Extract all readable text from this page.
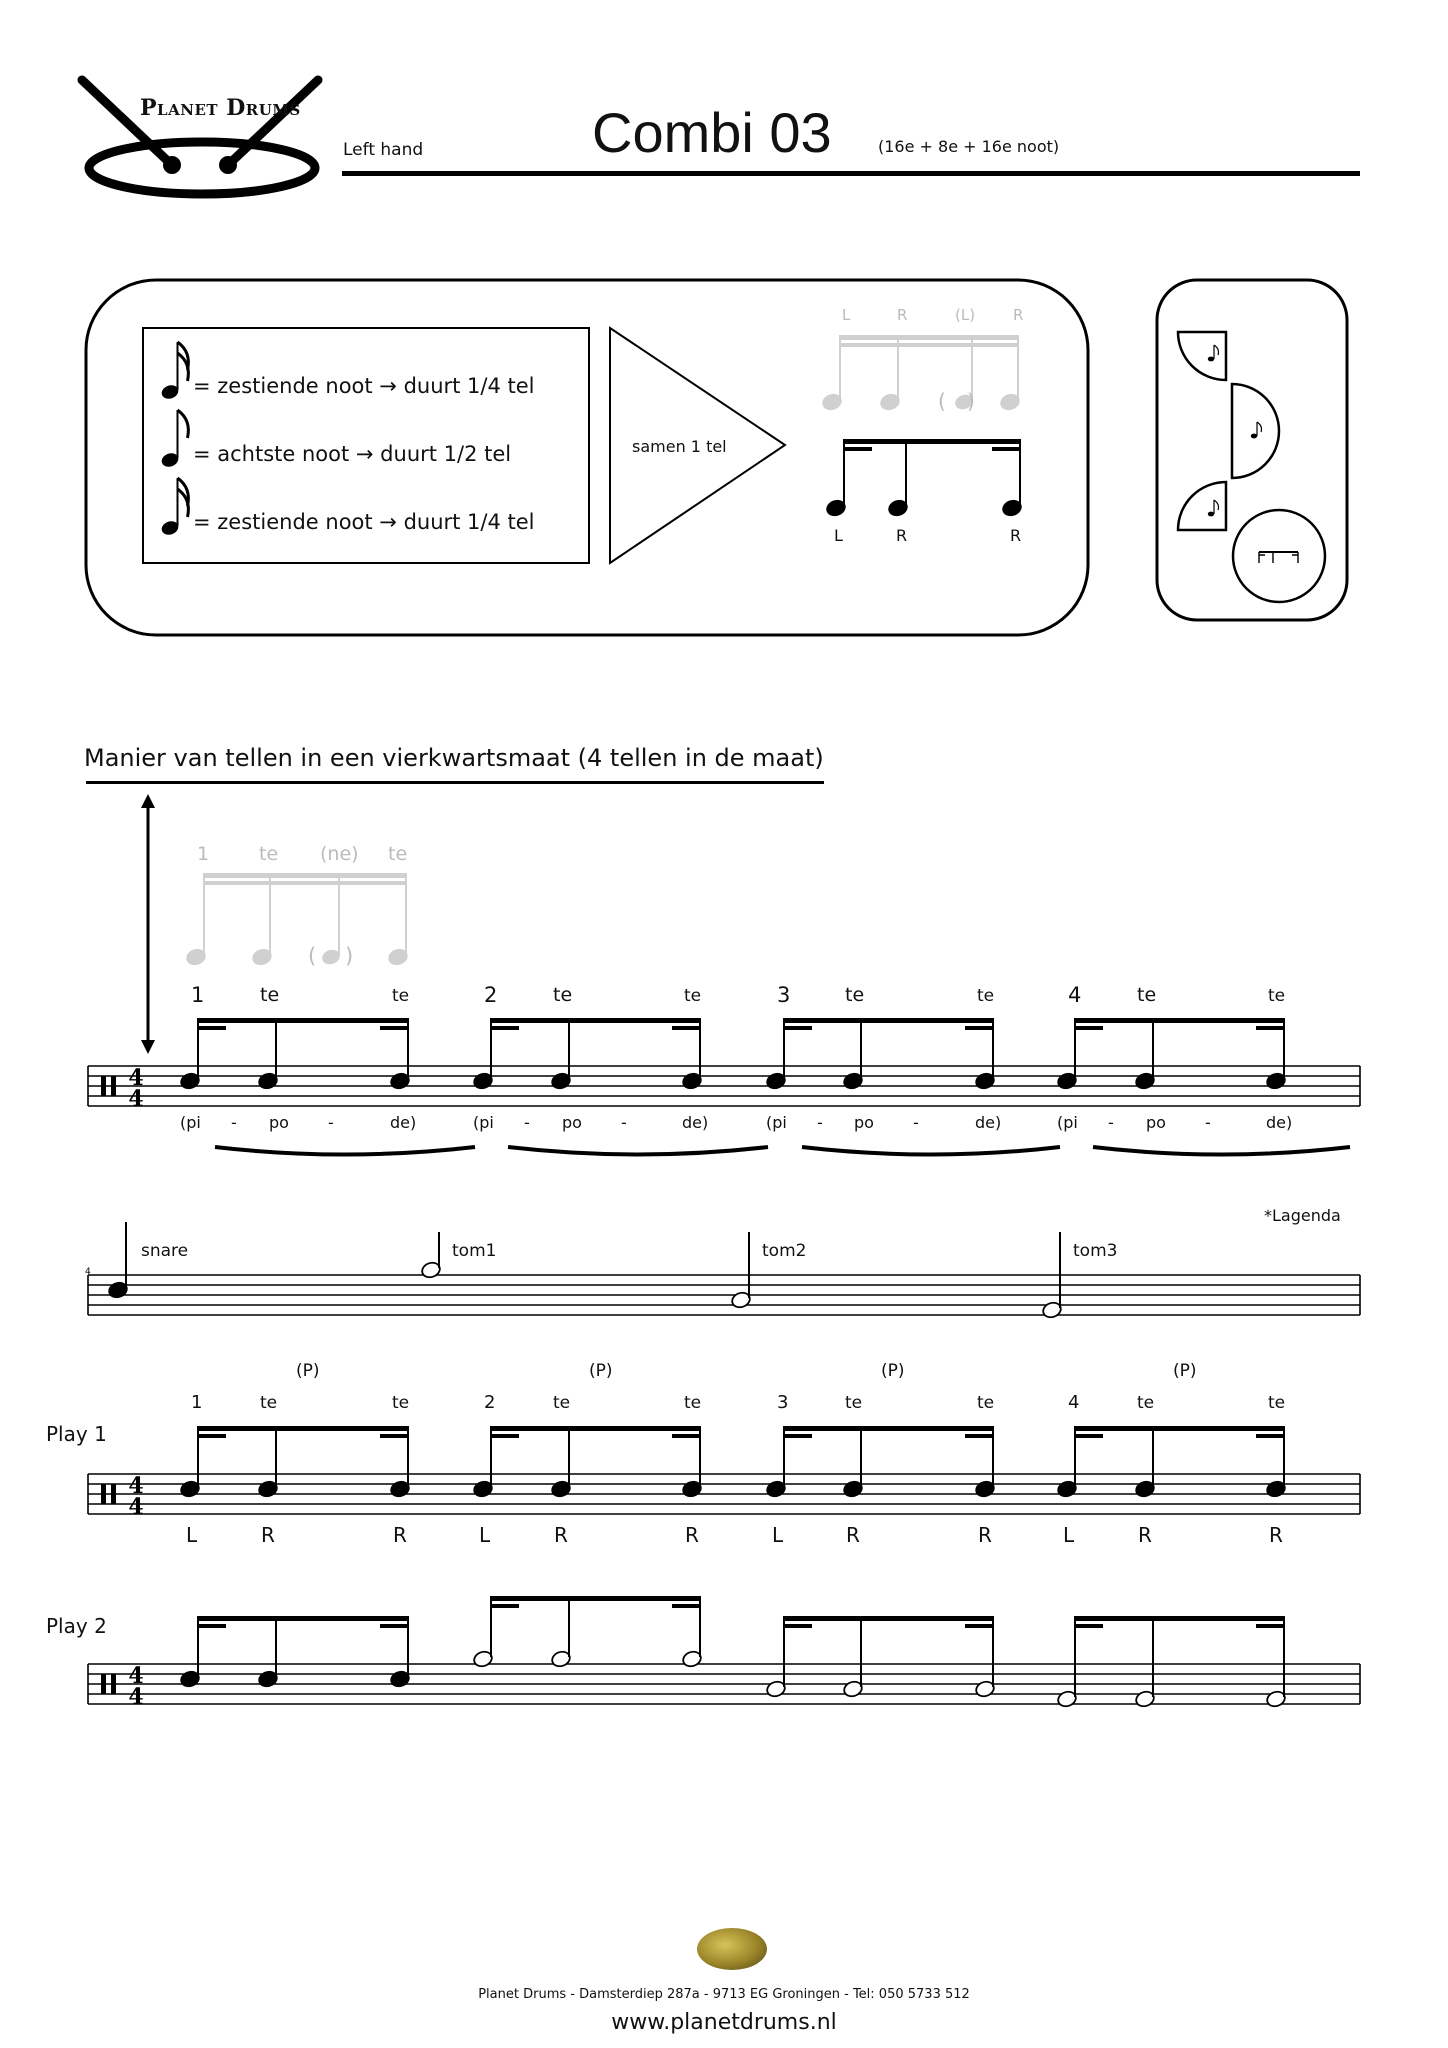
( )
( )
4
4
4
4
4
4
4
Planet Drums
Left hand	Combi 03	(16e + 8e + 16e noot)
= zestiende noot → duurt 1/4 tel
= achtste noot → duurt 1/2 tel
= zestiende noot → duurt 1/4 tel
samen 1 tel
L	R	(L)	R
L	R	R
Manier van tellen in een vierkwartsmaat (4 tellen in de maat)
1	te (ne) te
1	te	te
(pi - po -	de)
2	te	te
(pi - po -	de)
3	te	te
(pi - po -	de)
4	te	te
(pi - po -	de)
(P)
1	te	te
L	R	R
(P)
2	te	te
L	R	R
(P)
3	te	te
L	R	R
(P)
4	te	te
L	R	R
*Lagenda
snare	tom1	tom2	tom3
Play 1
Play 2
Planet Drums - Damsterdiep 287a - 9713 EG Groningen - Tel: 050 5733 512
www.planetdrums.nl
